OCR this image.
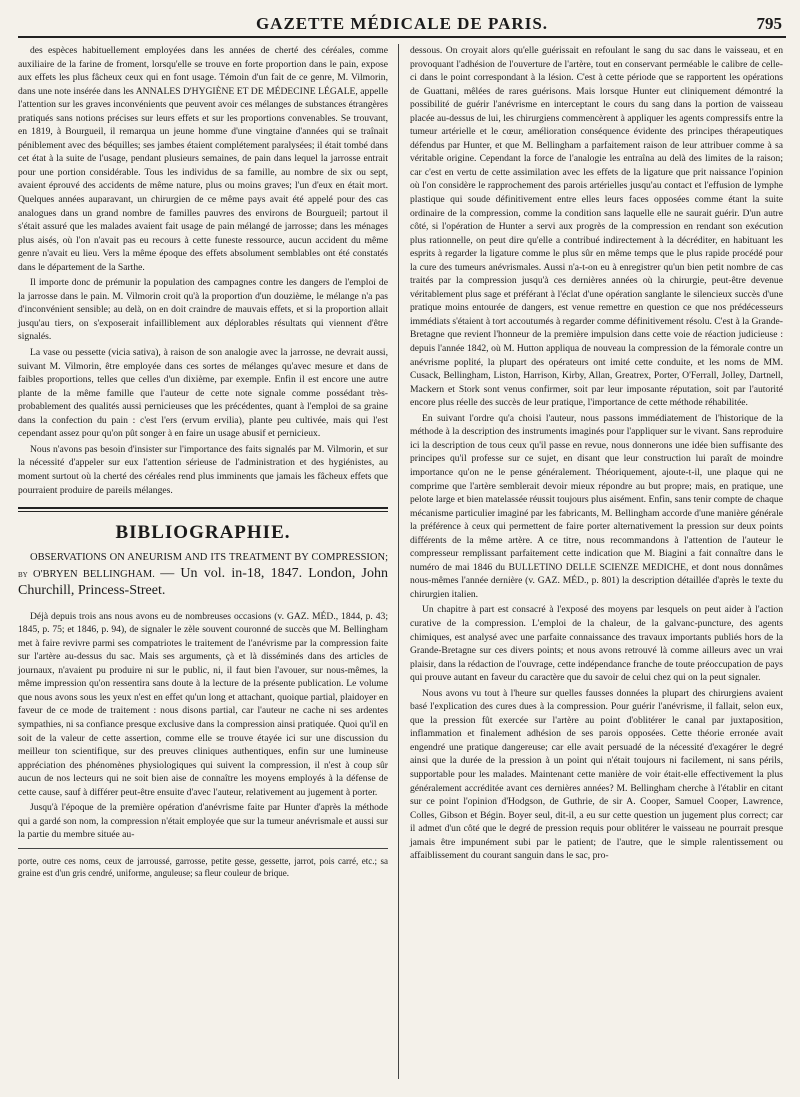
GAZETTE MÉDICALE DE PARIS.	795

des espèces habituellement employées dans les années de cherté des céréales, comme auxiliaire de la farine de froment, lorsqu'elle se trouve en forte proportion dans le pain, expose aux effets les plus fâcheux ceux qui en font usage. Témoin d'un fait de ce genre, M. Vilmorin, dans une note insérée dans les ANNALES D'HYGIÈNE ET DE MÉDECINE LÉGALE, appelle l'attention sur les graves inconvénients que peuvent avoir ces mélanges de substances étrangères pratiqués sans notions précises sur leurs effets et sur les proportions convenables. Se trouvant, en 1819, à Bourgueil, il remarqua un jeune homme d'une vingtaine d'années qui se traînait péniblement avec des béquilles; ses jambes étaient complétement paralysées; il était tombé dans cet état à la suite de l'usage, pendant plusieurs semaines, de pain dans lequel la jarrosse entrait pour une portion considérable. Tous les individus de sa famille, au nombre de six ou sept, avaient éprouvé des accidents de même nature, plus ou moins graves; l'un d'eux en était mort. Quelques années auparavant, un chirurgien de ce même pays avait été appelé pour des cas analogues dans un grand nombre de familles pauvres des environs de Bourgueil; partout il s'était assuré que les malades avaient fait usage de pain mélangé de jarrosse; dans les ménages plus aisés, où l'on n'avait pas eu recours à cette funeste ressource, aucun accident du même genre n'avait eu lieu. Vers la même époque des effets absolument semblables ont été constatés dans le département de la Sarthe.

Il importe donc de prémunir la population des campagnes contre les dangers de l'emploi de la jarrosse dans le pain. M. Vilmorin croit qu'à la proportion d'un douzième, le mélange n'a pas d'inconvénient sensible; au delà, on en doit craindre de mauvais effets, et si la proportion allait jusqu'au tiers, on s'exposerait infailliblement aux déplorables résultats qui viennent d'être signalés.

La vase ou pessette (vicia sativa), à raison de son analogie avec la jarrosse, ne devrait aussi, suivant M. Vilmorin, être employée dans ces sortes de mélanges qu'avec mesure et dans de faibles proportions, telles que celles d'un dixième, par exemple. Enfin il est encore une autre plante de la même famille que l'auteur de cette note signale comme possédant très-probablement des qualités aussi pernicieuses que les précédentes, quant à l'emploi de sa graine dans la confection du pain : c'est l'ers (ervum ervilia), plante peu cultivée, mais qui l'est cependant assez pour qu'on pût songer à en faire un usage abusif et pernicieux.

Nous n'avons pas besoin d'insister sur l'importance des faits signalés par M. Vilmorin, et sur la nécessité d'appeler sur eux l'attention sérieuse de l'administration et des hygiénistes, au moment surtout où la cherté des céréales rend plus imminents que jamais les fâcheux effets que pourraient produire de pareils mélanges.

BIBLIOGRAPHIE.
OBSERVATIONS ON ANEURISM AND ITS TREATMENT BY COMPRESSION; by O'BRYEN BELLINGHAM. — Un vol. in-18, 1847. London, John Churchill, Princess-Street.

Déjà depuis trois ans nous avons eu de nombreuses occasions (v. GAZ. MÉD., 1844, p. 43; 1845, p. 75; et 1846, p. 94), de signaler le zèle souvent couronné de succès que M. Bellingham met à faire revivre parmi ses compatriotes le traitement de l'anévrisme par la compression faite sur l'artère au-dessus du sac. Mais ses arguments, çà et là disséminés dans des articles de journaux, n'avaient pu produire ni sur le public, ni, il faut bien l'avouer, sur nous-mêmes, la même impression qu'on ressentira sans doute à la lecture de la présente publication. Le volume que nous avons sous les yeux n'est en effet qu'un long et attachant, quoique partial, plaidoyer en faveur de ce mode de traitement : nous disons partial, car l'auteur ne cache ni ses ardentes sympathies, ni sa confiance presque exclusive dans la compression ainsi pratiquée. Quoi qu'il en soit de la valeur de cette assertion, comme elle se trouve étayée ici sur une discussion du meilleur ton scientifique, sur des preuves cliniques authentiques, enfin sur une lumineuse appréciation des phénomènes physiologiques qui suivent la compression, il n'est à coup sûr aucun de nos lecteurs qui ne soit bien aise de connaître les moyens employés à la défense de cette cause, sauf à différer peut-être ensuite d'avec l'auteur, relativement au jugement à porter.

Jusqu'à l'époque de la première opération d'anévrisme faite par Hunter d'après la méthode qui a gardé son nom, la compression n'était employée que sur la tumeur anévrismale et aussi sur la partie du membre située au-

porte, outre ces noms, ceux de jarroussé, garrosse, petite gesse, gessette, jarrot, pois carré, etc.; sa graine est d'un gris cendré, uniforme, anguleuse; sa fleur couleur de brique.

dessous. On croyait alors qu'elle guérissait en refoulant le sang du sac dans le vaisseau, et en provoquant l'adhésion de l'ouverture de l'artère, tout en conservant perméable le calibre de celle-ci dans le point correspondant à la lésion. C'est à cette période que se rapportent les opérations de Guattani, mêlées de rares guérisons. Mais lorsque Hunter eut cliniquement démontré la possibilité de guérir l'anévrisme en interceptant le cours du sang dans la portion de vaisseau placée au-dessus de lui, les chirurgiens commencèrent à appliquer les agents compressifs entre la tumeur artérielle et le cœur, amélioration conséquence évidente des principes thérapeutiques défendus par Hunter, et que M. Bellingham a parfaitement raison de leur attribuer comme à sa véritable origine. Cependant la force de l'analogie les entraîna au delà des limites de la raison; car c'est en vertu de cette assimilation avec les effets de la ligature que prit naissance l'opinion où l'on considère le rapprochement des parois artérielles jusqu'au contact et l'effusion de lymphe plastique qui soude définitivement entre elles leurs faces opposées comme étant la suite ordinaire de la compression, comme la condition sans laquelle elle ne saurait guérir. D'un autre côté, si l'opération de Hunter a servi aux progrès de la compression en rendant son exécution plus rationnelle, on peut dire qu'elle a contribué indirectement à la décréditer, en habituant les esprits à regarder la ligature comme le plus sûr en même temps que le plus rapide procédé pour la cure des tumeurs anévrismales. Aussi n'a-t-on eu à enregistrer qu'un bien petit nombre de cas traités par la compression jusqu'à ces dernières années où la chirurgie, peut-être devenue véritablement plus sage et préférant à l'éclat d'une opération sanglante le silencieux succès d'une pratique moins entourée de dangers, est venue remettre en question ce que nos prédécesseurs immédiats s'étaient à tort accoutumés à regarder comme définitivement résolu. C'est à la Grande-Bretagne que revient l'honneur de la première impulsion dans cette voie de réaction judicieuse : depuis l'année 1842, où M. Hutton appliqua de nouveau la compression de la fémorale contre un anévrisme poplité, la plupart des opérateurs ont imité cette conduite, et les noms de MM. Cusack, Bellingham, Liston, Harrison, Kirby, Allan, Greatrex, Porter, O'Ferrall, Jolley, Dartnell, Mackern et Stork sont venus confirmer, soit par leur imposante réputation, soit par l'autorité encore plus réelle des succès de leur pratique, l'importance de cette méthode réhabilitée.

En suivant l'ordre qu'a choisi l'auteur, nous passons immédiatement de l'historique de la méthode à la description des instruments imaginés pour l'appliquer sur le vivant. Sans reproduire ici la description de tous ceux qu'il passe en revue, nous donnerons une idée bien suffisante des principes qu'il professe sur ce sujet, en disant que leur construction lui paraît de moindre importance qu'on ne le pense généralement. Théoriquement, ajoute-t-il, une plaque qui ne comprime que l'artère semblerait devoir mieux répondre au but propre; mais, en pratique, une pelote large et bien matelassée réussit toujours plus aisément. Enfin, sans tenir compte de chaque mécanisme particulier imaginé par les fabricants, M. Bellingham accorde d'une manière générale la préférence à ceux qui permettent de faire porter alternativement la pression sur deux points différents de la même artère. A ce titre, nous recommandons à l'attention de l'auteur le compresseur remplissant parfaitement cette indication que M. Biagini a fait connaître dans le numéro de mai 1846 du BULLETINO DELLE SCIENZE MEDICHE, et dont nous donnâmes nous-mêmes l'année dernière (v. GAZ. MÉD., p. 801) la description détaillée d'après le texte du chirurgien italien.

Un chapitre à part est consacré à l'exposé des moyens par lesquels on peut aider à l'action curative de la compression. L'emploi de la chaleur, de la galvanc-puncture, des agents chimiques, est analysé avec une parfaite connaissance des travaux importants publiés hors de la Grande-Bretagne sur ces divers points; et nous avons retrouvé là comme ailleurs avec un vrai plaisir, dans la rédaction de l'ouvrage, cette indépendance franche de toute préoccupation de pays qui prouve autant en faveur du caractère que du savoir de celui chez qui on la peut signaler.

Nous avons vu tout à l'heure sur quelles fausses données la plupart des chirurgiens avaient basé l'explication des cures dues à la compression. Pour guérir l'anévrisme, il fallait, selon eux, que la pression fût exercée sur l'artère au point d'oblitérer le canal par juxtaposition, inflammation et finalement adhésion de ses parois opposées. Cette théorie erronée avait engendré une pratique dangereuse; car elle avait persuadé de la nécessité d'exagérer le degré ainsi que la durée de la pression à un point qui n'était toujours ni facilement, ni sans périls, supportable pour les malades. Maintenant cette manière de voir était-elle effectivement la plus généralement accréditée avant ces dernières années? M. Bellingham cherche à l'établir en citant sur ce point l'opinion d'Hodgson, de Guthrie, de sir A. Cooper, Samuel Cooper, Lawrence, Colles, Gibson et Bégin. Boyer seul, dit-il, a eu sur cette question un jugement plus correct; car il admet d'un côté que le degré de pression requis pour oblitérer le vaisseau ne pourrait presque jamais être impunément subi par le patient; de l'autre, que le simple ralentissement ou affaiblissement du courant sanguin dans le sac, pro-
